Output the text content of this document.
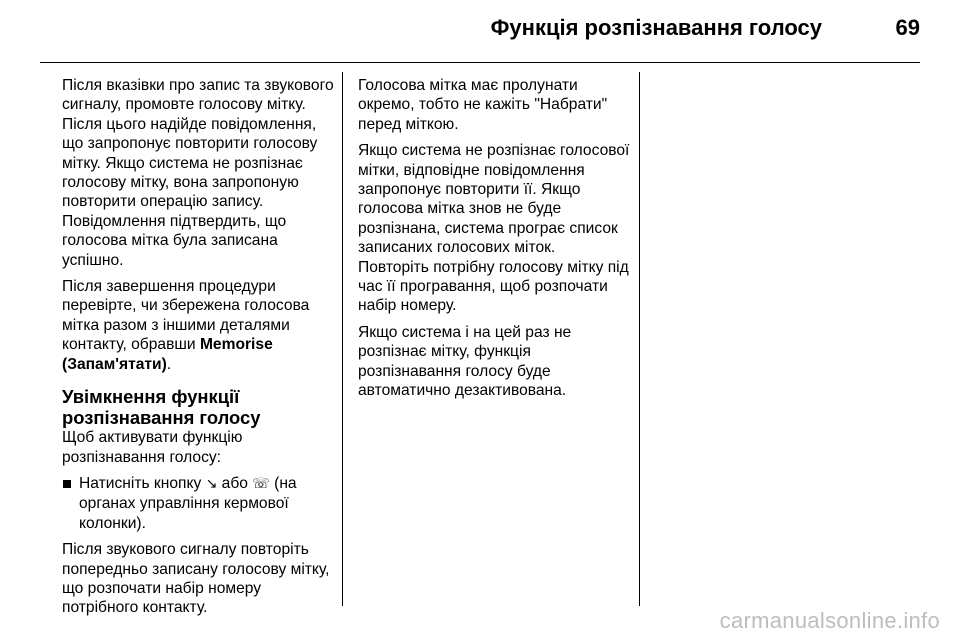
Функція розпізнавання голосу	69

Після вказівки про запис та звукового сигналу, промовте голосову мітку. Після цього надійде повідомлення, що запропонує повторити голосову мітку. Якщо система не розпізнає голосову мітку, вона запропоную повторити операцію запису. Повідомлення підтвердить, що голосова мітка була записана успішно.

Після завершення процедури перевірте, чи збережена голосова мітка разом з іншими деталями контакту, обравши Memorise (Запам'ятати).

Увімкнення функції розпізнавання голосу

Щоб активувати функцію розпізнавання голосу:

Натисніть кнопку ↘ або ☏ (на органах управління кермової колонки).

Після звукового сигналу повторіть попередньо записану голосову мітку, що розпочати набір номеру потрібного контакту.

Голосова мітка має пролунати окремо, тобто не кажіть "Набрати" перед міткою.

Якщо система не розпізнає голосової мітки, відповідне повідомлення запропонує повторити її. Якщо голосова мітка знов не буде розпізнана, система програє список записаних голосових міток. Повторіть потрібну голосову мітку під час її програвання, щоб розпочати набір номеру.

Якщо система і на цей раз не розпізнає мітку, функція розпізнавання голосу буде автоматично дезактивована.

carmanualsonline.info
